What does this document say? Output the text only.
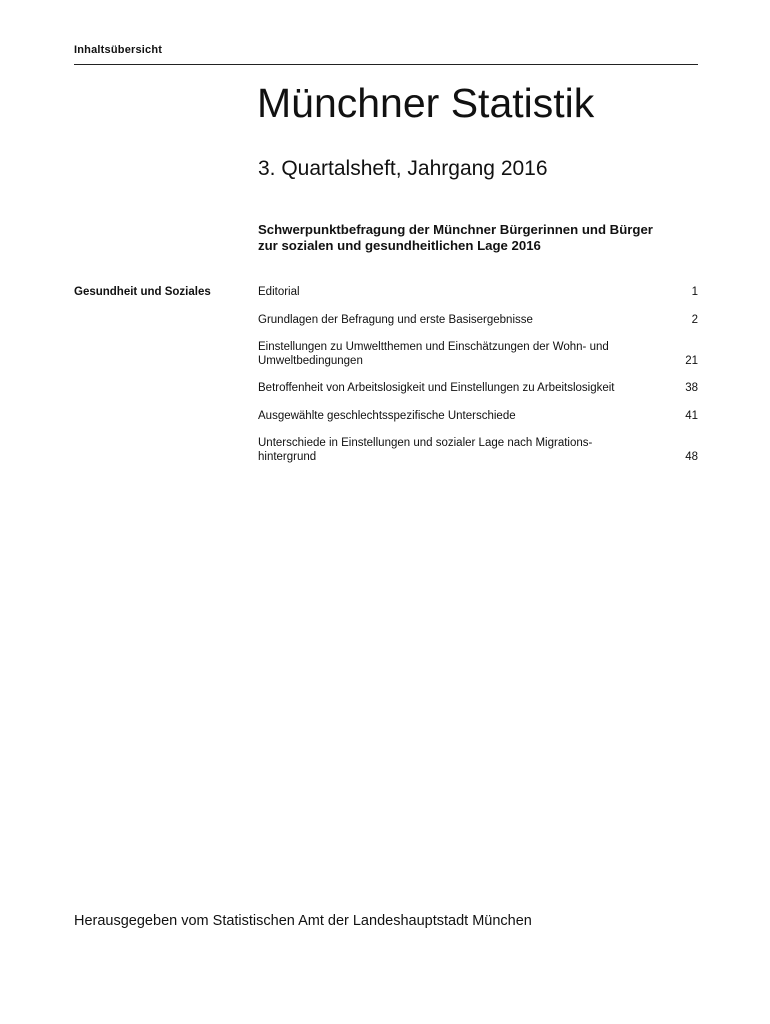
Inhaltsübersicht
Münchner Statistik
3. Quartalsheft, Jahrgang 2016
Schwerpunktbefragung der Münchner Bürgerinnen und Bürger zur sozialen und gesundheitlichen Lage 2016
Gesundheit und Soziales	Editorial	1
Grundlagen der Befragung und erste Basisergebnisse	2
Einstellungen zu Umweltthemen und Einschätzungen der Wohn- und Umweltbedingungen	21
Betroffenheit von Arbeitslosigkeit und Einstellungen zu Arbeitslosigkeit	38
Ausgewählte geschlechtsspezifische Unterschiede	41
Unterschiede in Einstellungen und sozialer Lage nach Migrations-hintergrund	48
Herausgegeben vom Statistischen Amt der Landeshauptstadt München
